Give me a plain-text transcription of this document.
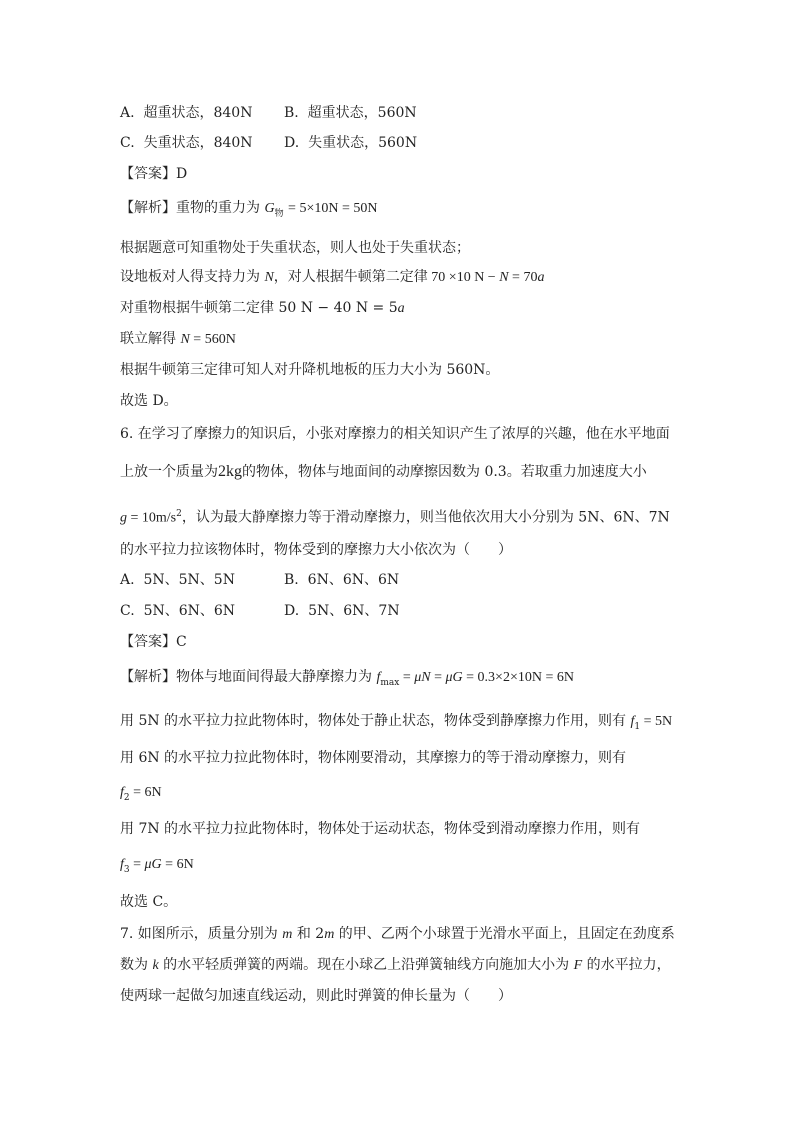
A. 超重状态，840N B. 超重状态，560N
C. 失重状态，840N D. 失重状态，560N
【答案】D
【解析】重物的重力为 $G_物 = 5\times 10N = 50N$
根据题意可知重物处于失重状态，则人也处于失重状态；
设地板对人得支持力为 N，对人根据牛顿第二定律 70 ×10 N − N = 70a
对重物根据牛顿第二定律 50 N − 40 N = 5a
联立解得 N = 560N
根据牛顿第三定律可知人对升降机地板的压力大小为 560N。
故选 D。
6. 在学习了摩擦力的知识后，小张对摩擦力的相关知识产生了浓厚的兴趣，他在水平地面
上放一个质量为2kg的物体，物体与地面间的动摩擦因数为 0.3。若取重力加速度大小
$g = 10m/s^2$，认为最大静摩擦力等于滑动摩擦力，则当他依次用大小分别为 5N、6N、7N
的水平拉力拉该物体时，物体受到的摩擦力大小依次为（　　）
A. 5N、5N、5N	B. 6N、6N、6N
C. 5N、6N、6N	D. 5N、6N、7N
【答案】C
【解析】物体与地面间得最大静摩擦力为 $f_{max} = \mu N = \mu G = 0.3\times 2\times 10N = 6N$
用 5N 的水平拉力拉此物体时，物体处于静止状态，物体受到静摩擦力作用，则有 $f_1 = 5N$
用 6N 的水平拉力拉此物体时，物体刚要滑动，其摩擦力的等于滑动摩擦力，则有
$f_2 = 6N$
用 7N 的水平拉力拉此物体时，物体处于运动状态，物体受到滑动摩擦力作用，则有
$f_3 = \mu G = 6N$
故选 C。
7. 如图所示，质量分别为 m 和 2m 的甲、乙两个小球置于光滑水平面上，且固定在劲度系
数为 k 的水平轻质弹簧的两端。现在小球乙上沿弹簧轴线方向施加大小为 F 的水平拉力，
使两球一起做匀加速直线运动，则此时弹簧的伸长量为（　　）
